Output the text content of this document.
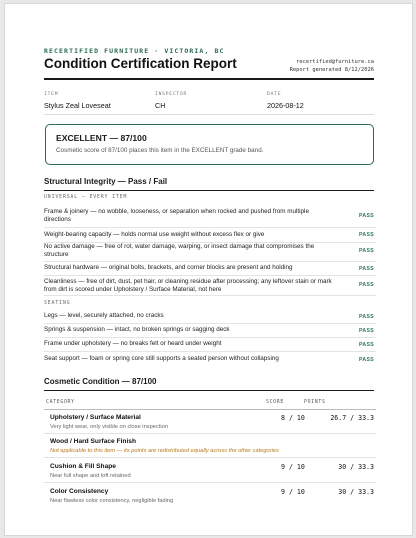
RECERTIFIED FURNITURE · VICTORIA, BC
Condition Certification Report	recertified@furniture.ca
Report generated 8/12/2026
ITEM
Stylus Zeal Loveseat
INSPECTOR
CH
DATE
2026-08-12
EXCELLENT — 87/100
Cosmetic score of 87/100 places this item in the EXCELLENT grade band.
Structural Integrity — Pass / Fail
UNIVERSAL — EVERY ITEM
Frame & joinery — no wobble, looseness, or separation when rocked and pushed from multiple directions
PASS
Weight-bearing capacity — holds normal use weight without excess flex or give	PASS
No active damage — free of rot, water damage, warping, or insect damage that compromises the structure
PASS
Structural hardware — original bolts, brackets, and corner blocks are present and holding	PASS
Cleanliness — free of dirt, dust, pet hair, or cleaning residue after processing; any leftover stain or mark from dirt is scored under Upholstery / Surface Material, not here
PASS
SEATING
Legs — level, securely attached, no cracks	PASS
Springs & suspension — intact, no broken springs or sagging deck	PASS
Frame under upholstery — no breaks felt or heard under weight	PASS
Seat support — foam or spring core still supports a seated person without collapsing	PASS
Cosmetic Condition — 87/100
CATEGORY	SCORE	POINTS
Upholstery / Surface Material
Very light wear, only visible on close inspection
8 / 10	26.7 / 33.3
Wood / Hard Surface Finish
Not applicable to this item — its points are redistributed equally across the other categories
Cushion & Fill Shape
Near full shape and loft retained
9 / 10	30 / 33.3
Color Consistency
Near flawless color consistency, negligible fading
9 / 10	30 / 33.3
